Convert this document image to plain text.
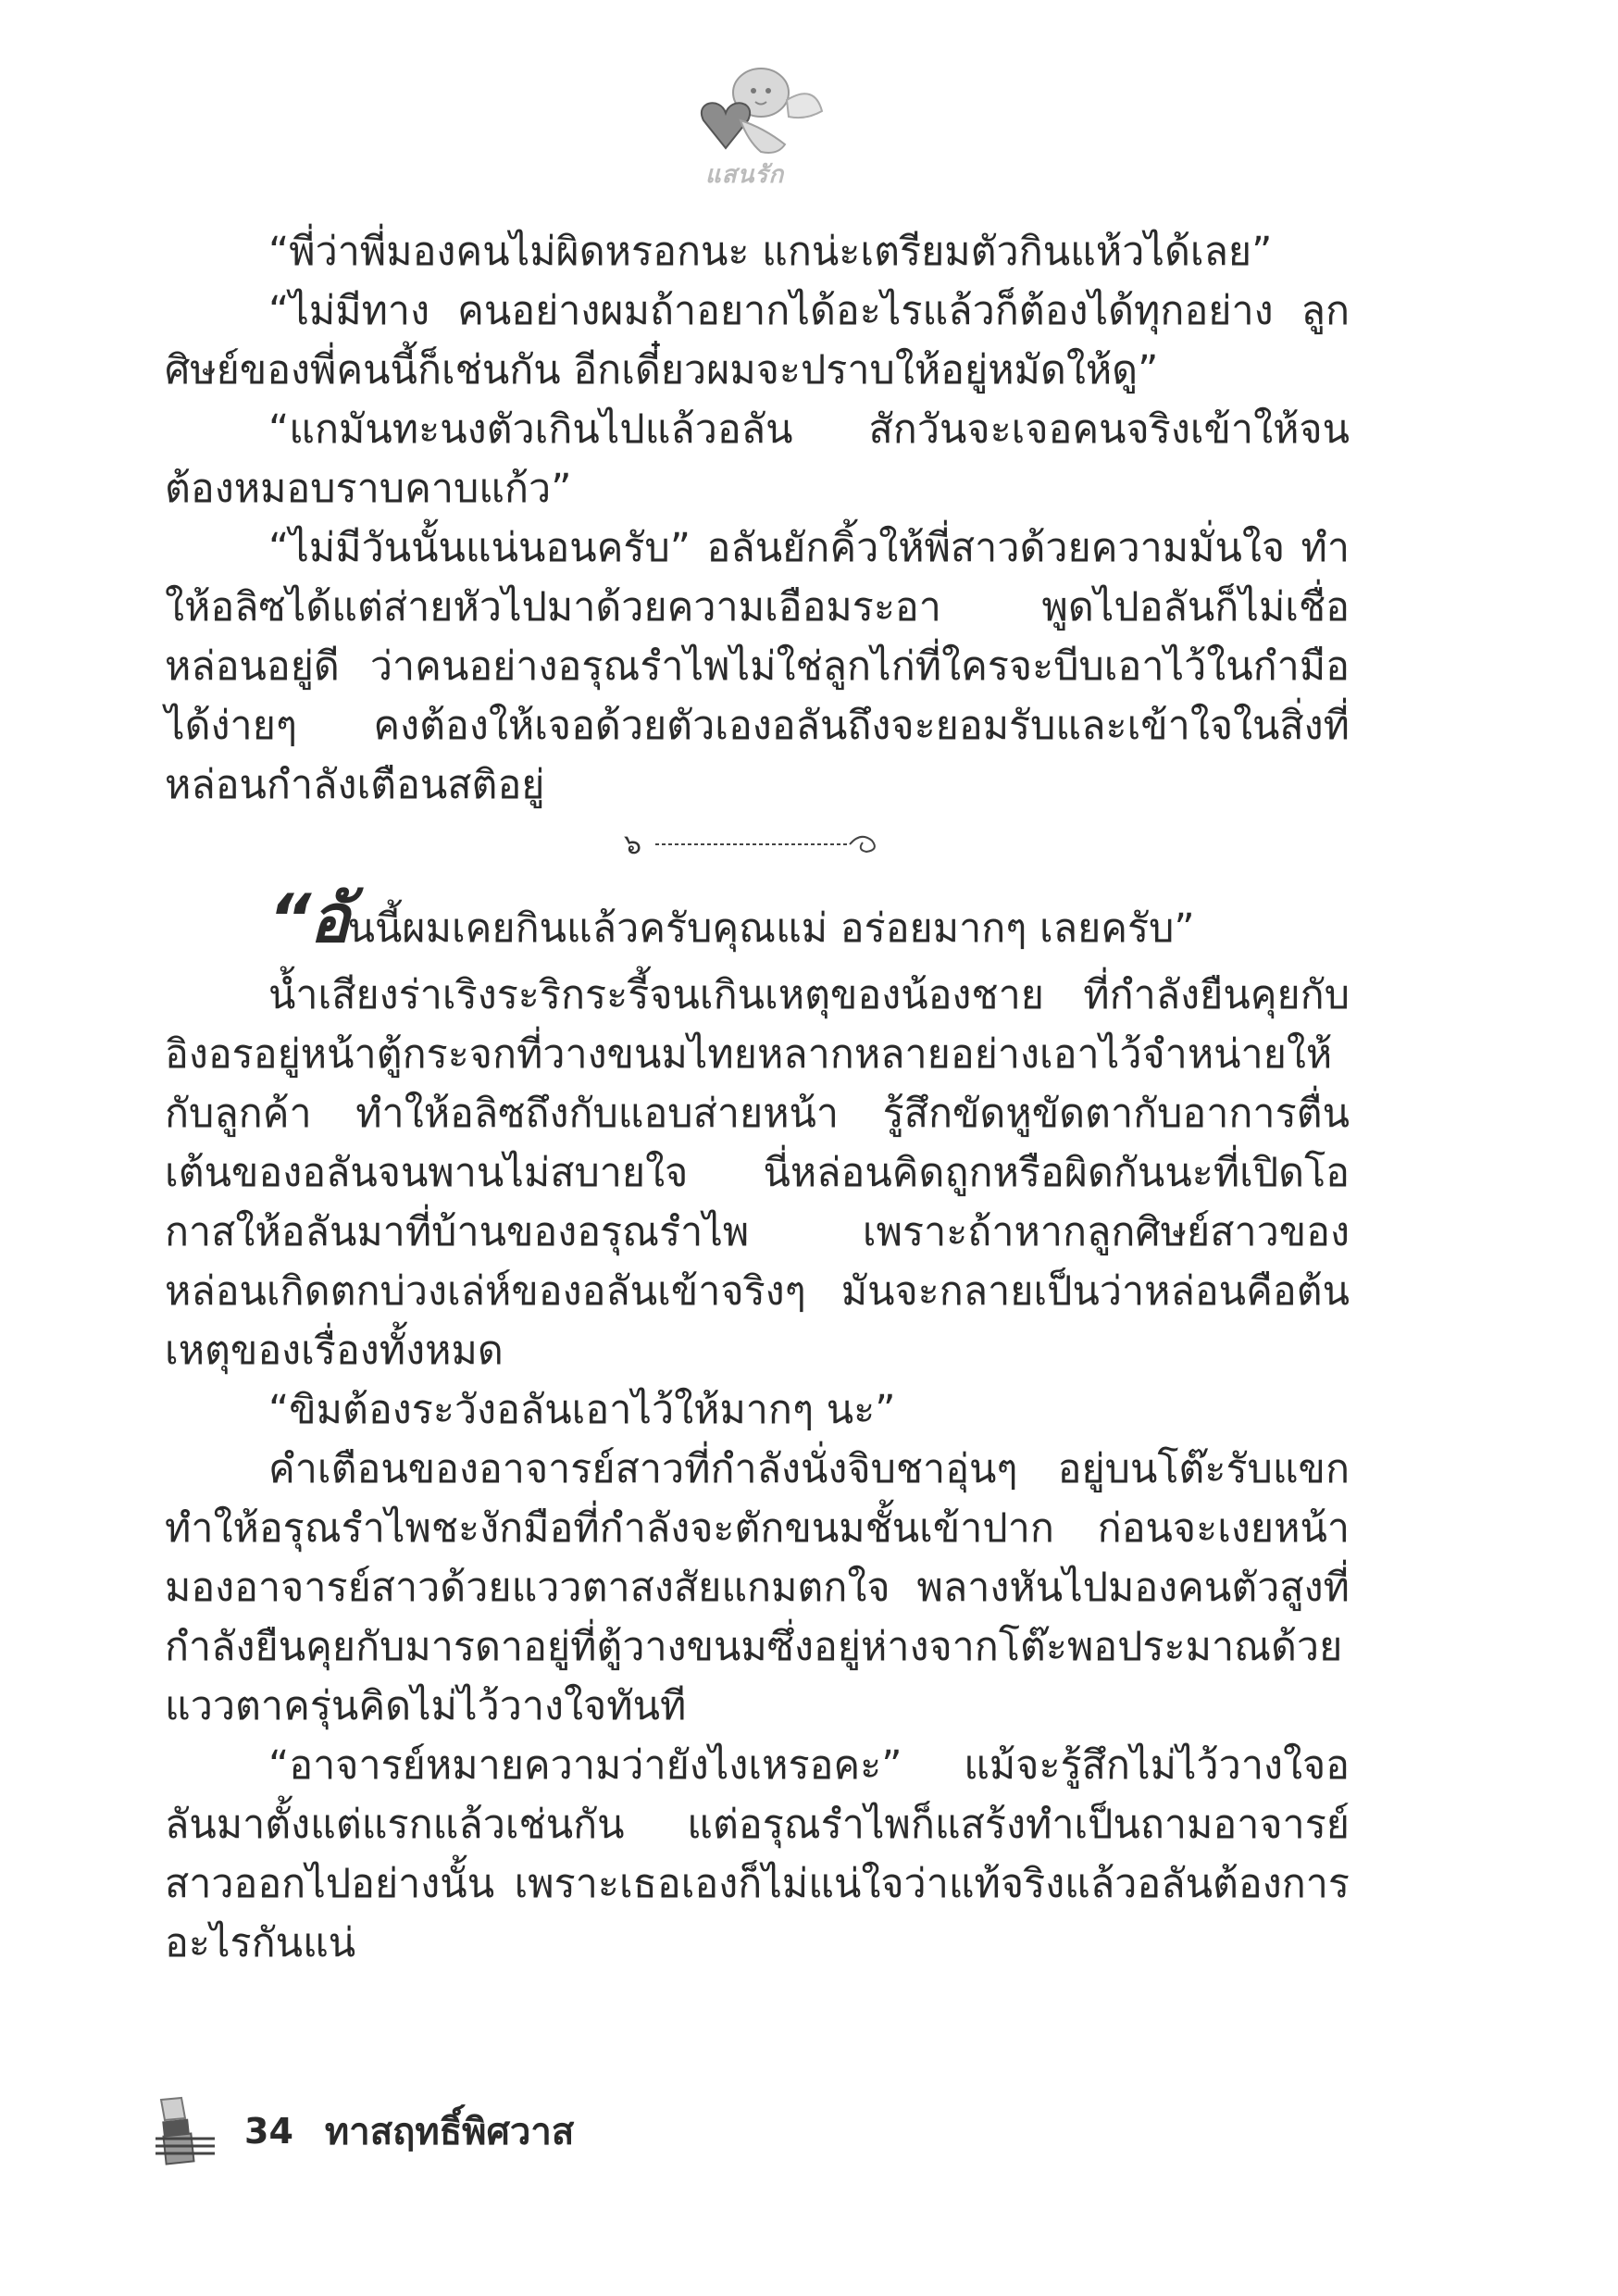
แสนรัก

“พี่ว่าพี่มองคนไม่ผิดหรอกนะ แกน่ะเตรียมตัวกินแห้วได้เลย”

“ไม่มีทาง คนอย่างผมถ้าอยากได้อะไรแล้วก็ต้องได้ทุกอย่าง ลูกศิษย์ของพี่คนนี้ก็เช่นกัน อีกเดี๋ยวผมจะปราบให้อยู่หมัดให้ดู”

“แกมันทะนงตัวเกินไปแล้วอลัน สักวันจะเจอคนจริงเข้าให้จนต้องหมอบราบคาบแก้ว”

“ไม่มีวันนั้นแน่นอนครับ” อลันยักคิ้วให้พี่สาวด้วยความมั่นใจ ทำให้อลิซได้แต่ส่ายหัวไปมาด้วยความเอือมระอา พูดไปอลันก็ไม่เชื่อหล่อนอยู่ดี ว่าคนอย่างอรุณรำไพไม่ใช่ลูกไก่ที่ใครจะบีบเอาไว้ในกำมือได้ง่ายๆ คงต้องให้เจอด้วยตัวเองอลันถึงจะยอมรับและเข้าใจในสิ่งที่หล่อนกำลังเตือนสติอยู่

๖

“อันนี้ผมเคยกินแล้วครับคุณแม่ อร่อยมากๆ เลยครับ”

น้ำเสียงร่าเริงระริกระรี้จนเกินเหตุของน้องชาย ที่กำลังยืนคุยกับอิงอรอยู่หน้าตู้กระจกที่วางขนมไทยหลากหลายอย่างเอาไว้จำหน่ายให้กับลูกค้า ทำให้อลิซถึงกับแอบส่ายหน้า รู้สึกขัดหูขัดตากับอาการตื่นเต้นของอลันจนพานไม่สบายใจ นี่หล่อนคิดถูกหรือผิดกันนะที่เปิดโอกาสให้อลันมาที่บ้านของอรุณรำไพ เพราะถ้าหากลูกศิษย์สาวของหล่อนเกิดตกบ่วงเล่ห์ของอลันเข้าจริงๆ มันจะกลายเป็นว่าหล่อนคือต้นเหตุของเรื่องทั้งหมด

“ขิมต้องระวังอลันเอาไว้ให้มากๆ นะ”

คำเตือนของอาจารย์สาวที่กำลังนั่งจิบชาอุ่นๆ อยู่บนโต๊ะรับแขกทำให้อรุณรำไพชะงักมือที่กำลังจะตักขนมชั้นเข้าปาก ก่อนจะเงยหน้ามองอาจารย์สาวด้วยแววตาสงสัยแกมตกใจ พลางหันไปมองคนตัวสูงที่กำลังยืนคุยกับมารดาอยู่ที่ตู้วางขนมซึ่งอยู่ห่างจากโต๊ะพอประมาณด้วยแววตาครุ่นคิดไม่ไว้วางใจทันที

“อาจารย์หมายความว่ายังไงเหรอคะ” แม้จะรู้สึกไม่ไว้วางใจอลันมาตั้งแต่แรกแล้วเช่นกัน แต่อรุณรำไพก็แสร้งทำเป็นถามอาจารย์สาวออกไปอย่างนั้น เพราะเธอเองก็ไม่แน่ใจว่าแท้จริงแล้วอลันต้องการอะไรกันแน่

34 ทาสฤทธิ์พิศวาส
